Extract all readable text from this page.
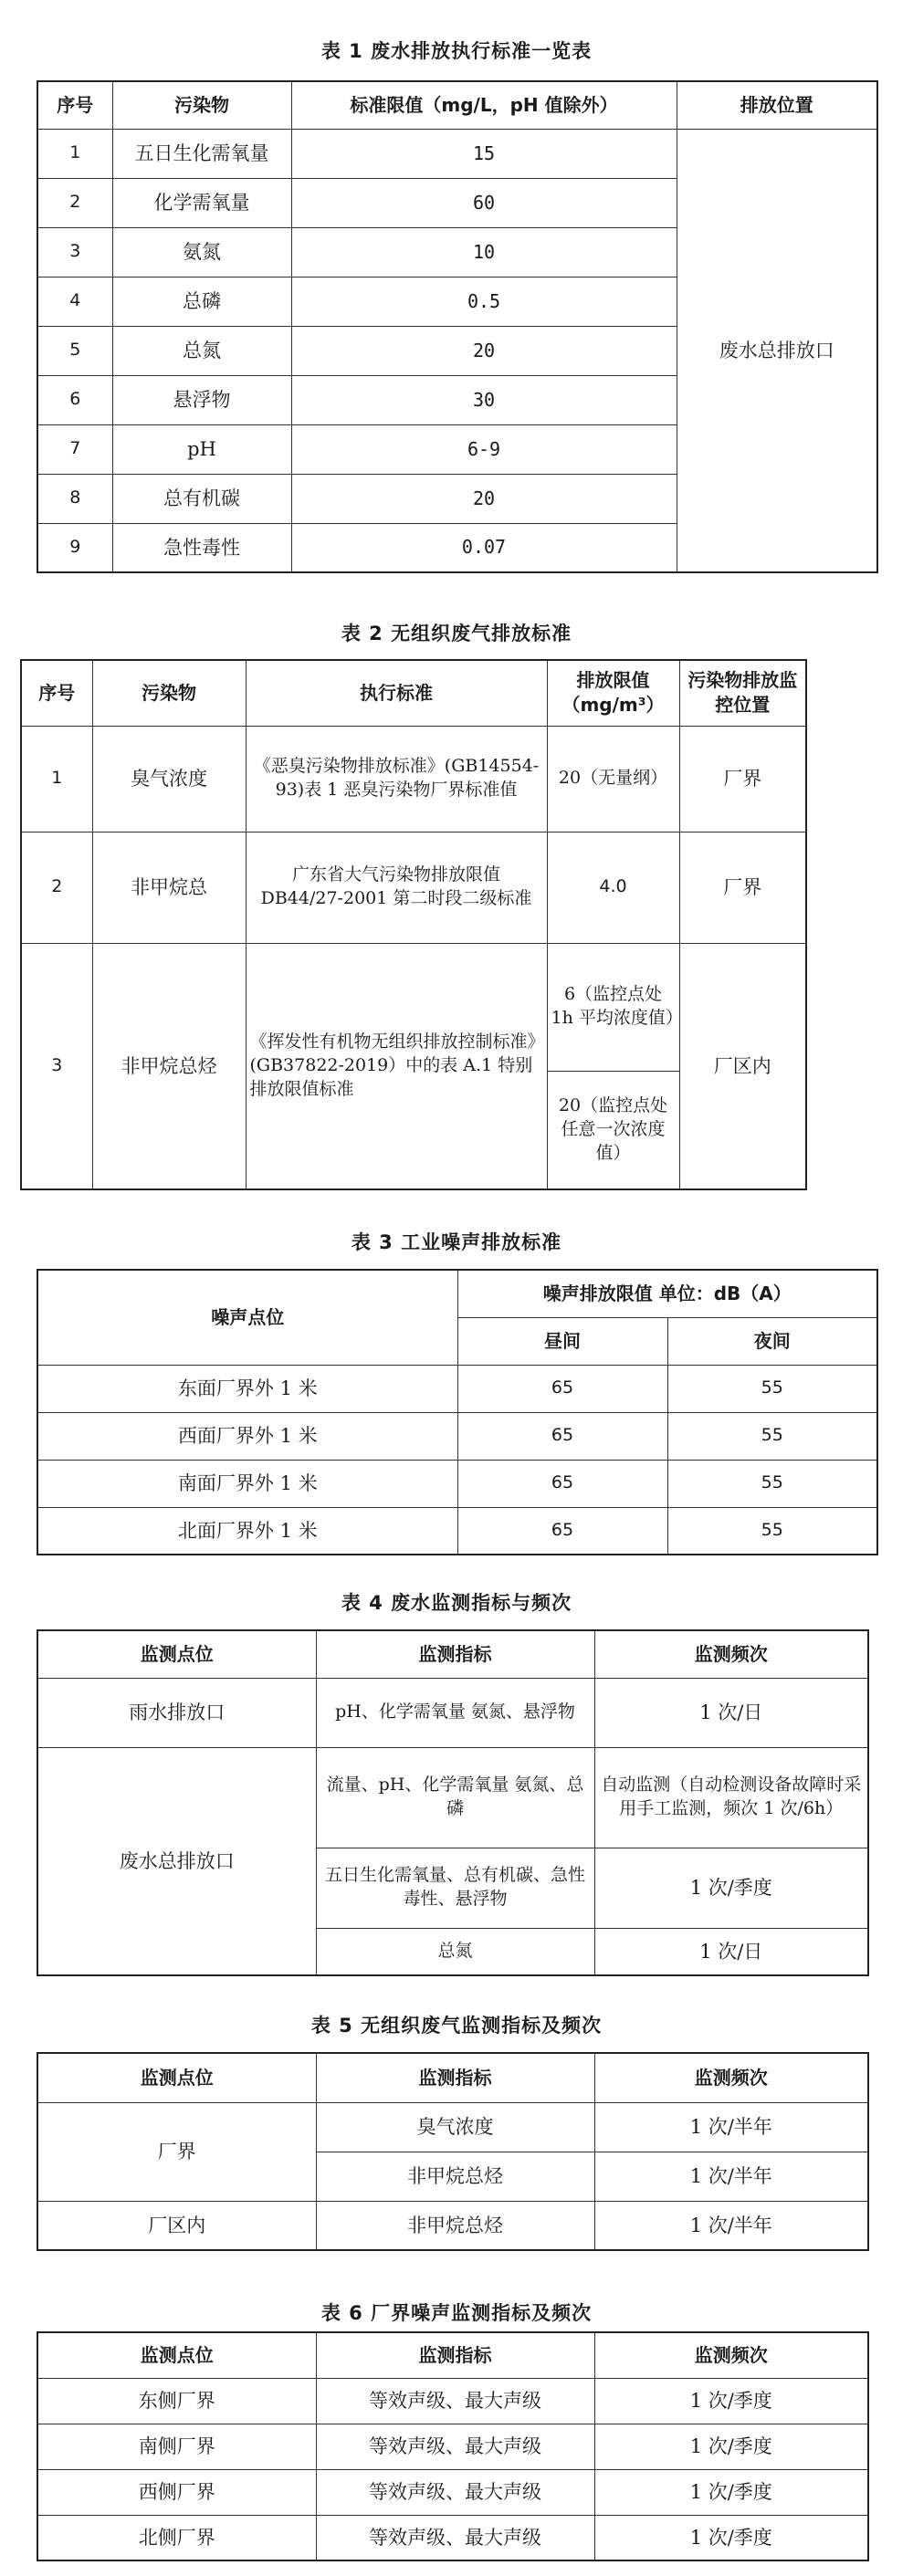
表 1 废水排放执行标准一览表
序号	污染物	标准限值（mg/L，pH 值除外）	排放位置
1	五日生化需氧量	15	废水总排放口
2	化学需氧量	60	
3	氨氮	10	
4	总磷	0.5	
5	总氮	20	
6	悬浮物	30	
7	pH	6-9	
8	总有机碳	20	
9	急性毒性	0.07	
表 2 无组织废气排放标准
序号	污染物	执行标准	排放限值（mg/m³）	污染物排放监控位置
1	臭气浓度	《恶臭污染物排放标准》(GB14554-93)表 1 恶臭污染物厂界标准值	20（无量纲）	厂界
2	非甲烷总	广东省大气污染物排放限值 DB44/27-2001 第二时段二级标准	4.0	厂界
3	非甲烷总烃	《挥发性有机物无组织排放控制标准》(GB37822-2019）中的表 A.1 特别排放限值标准	6（监控点处 1h 平均浓度值）	厂区内
			20（监控点处任意一次浓度值）	
表 3 工业噪声排放标准
噪声点位	噪声排放限值 单位：dB（A）	
	昼间	夜间
东面厂界外 1 米	65	55
西面厂界外 1 米	65	55
南面厂界外 1 米	65	55
北面厂界外 1 米	65	55
表 4 废水监测指标与频次
监测点位	监测指标	监测频次
雨水排放口	pH、化学需氧量 氨氮、悬浮物	1 次/日
废水总排放口	流量、pH、化学需氧量 氨氮、总磷	自动监测（自动检测设备故障时采用手工监测，频次 1 次/6h）
	五日生化需氧量、总有机碳、急性毒性、悬浮物	1 次/季度
	总氮	1 次/日
表 5 无组织废气监测指标及频次
监测点位	监测指标	监测频次
厂界	臭气浓度	1 次/半年
	非甲烷总烃	1 次/半年
厂区内	非甲烷总烃	1 次/半年
表 6 厂界噪声监测指标及频次
监测点位	监测指标	监测频次
东侧厂界	等效声级、最大声级	1 次/季度
南侧厂界	等效声级、最大声级	1 次/季度
西侧厂界	等效声级、最大声级	1 次/季度
北侧厂界	等效声级、最大声级	1 次/季度
